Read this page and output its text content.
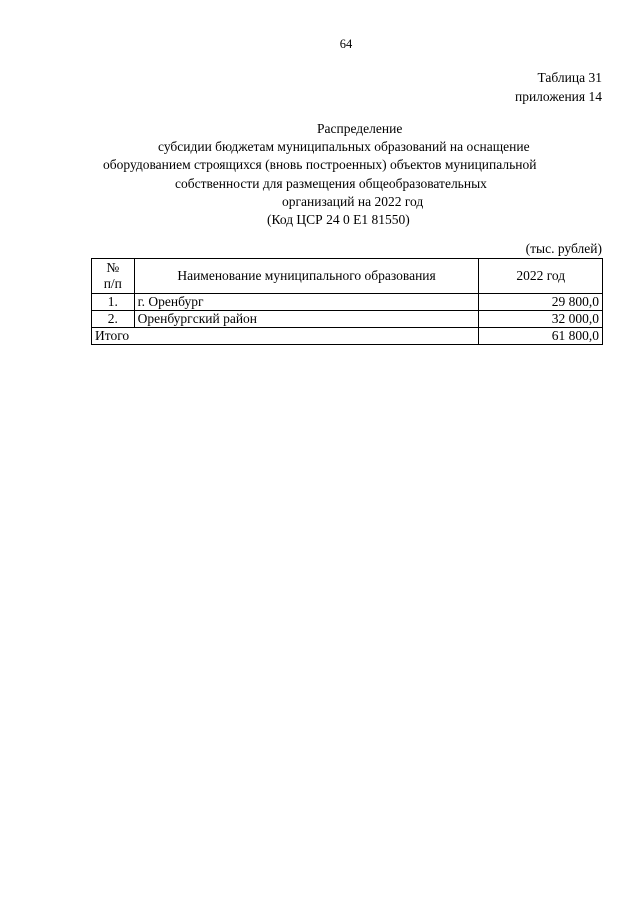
64
Таблица 31
приложения 14
Распределение
субсидии бюджетам муниципальных образований на оснащение
оборудованием строящихся (вновь построенных) объектов муниципальной
собственности для размещения общеобразовательных
организаций на 2022 год
(Код ЦСР 24 0 Е1 81550)
(тыс. рублей)
№
п/п	Наименование муниципального образования	2022 год
1.	г. Оренбург	29 800,0
2.	Оренбургский район	32 000,0
Итого		61 800,0
